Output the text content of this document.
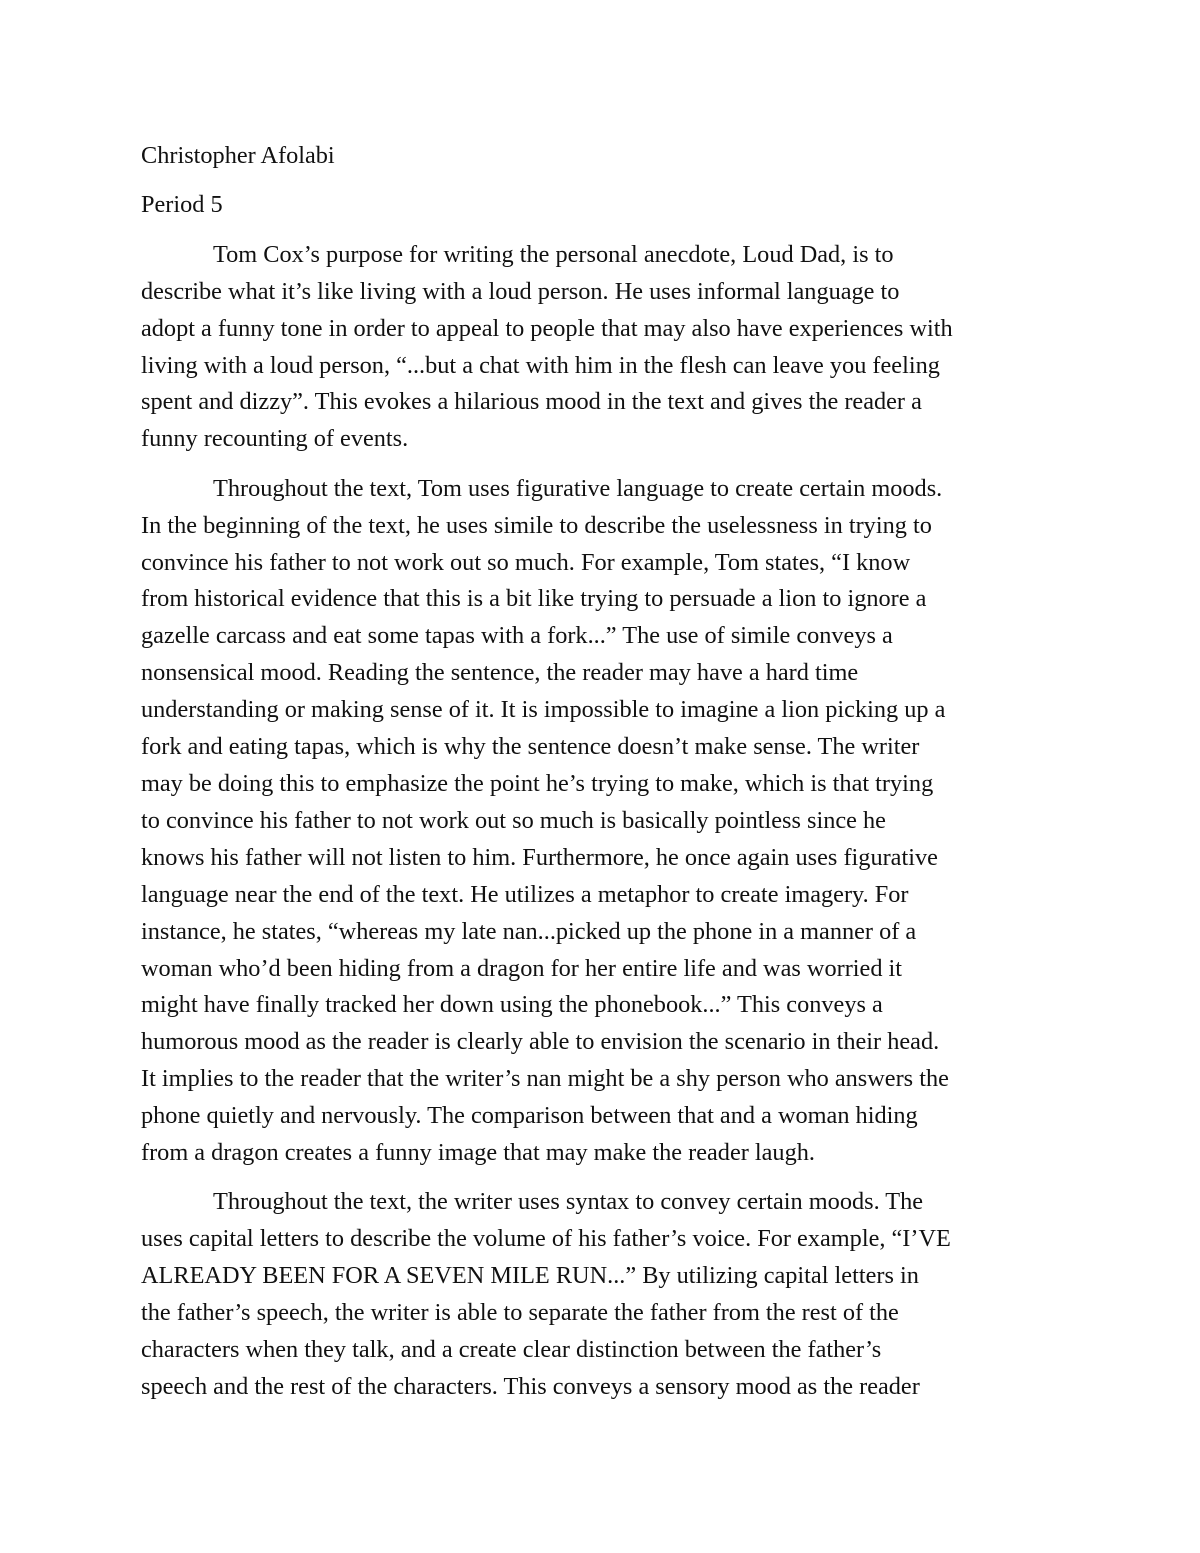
Christopher Afolabi
Period 5
Tom Cox’s purpose for writing the personal anecdote, Loud Dad, is to
describe what it’s like living with a loud person. He uses informal language to
adopt a funny tone in order to appeal to people that may also have experiences with
living with a loud person, “...but a chat with him in the flesh can leave you feeling
spent and dizzy”. This evokes a hilarious mood in the text and gives the reader a
funny recounting of events.
Throughout the text, Tom uses figurative language to create certain moods.
In the beginning of the text, he uses simile to describe the uselessness in trying to
convince his father to not work out so much. For example, Tom states, “I know
from historical evidence that this is a bit like trying to persuade a lion to ignore a
gazelle carcass and eat some tapas with a fork...” The use of simile conveys a
nonsensical mood. Reading the sentence, the reader may have a hard time
understanding or making sense of it. It is impossible to imagine a lion picking up a
fork and eating tapas, which is why the sentence doesn’t make sense. The writer
may be doing this to emphasize the point he’s trying to make, which is that trying
to convince his father to not work out so much is basically pointless since he
knows his father will not listen to him. Furthermore, he once again uses figurative
language near the end of the text. He utilizes a metaphor to create imagery. For
instance, he states, “whereas my late nan...picked up the phone in a manner of a
woman who’d been hiding from a dragon for her entire life and was worried it
might have finally tracked her down using the phonebook...” This conveys a
humorous mood as the reader is clearly able to envision the scenario in their head.
It implies to the reader that the writer’s nan might be a shy person who answers the
phone quietly and nervously. The comparison between that and a woman hiding
from a dragon creates a funny image that may make the reader laugh.
Throughout the text, the writer uses syntax to convey certain moods. The
uses capital letters to describe the volume of his father’s voice. For example, “I’VE
ALREADY BEEN FOR A SEVEN MILE RUN...” By utilizing capital letters in
the father’s speech, the writer is able to separate the father from the rest of the
characters when they talk, and a create clear distinction between the father’s
speech and the rest of the characters. This conveys a sensory mood as the reader
